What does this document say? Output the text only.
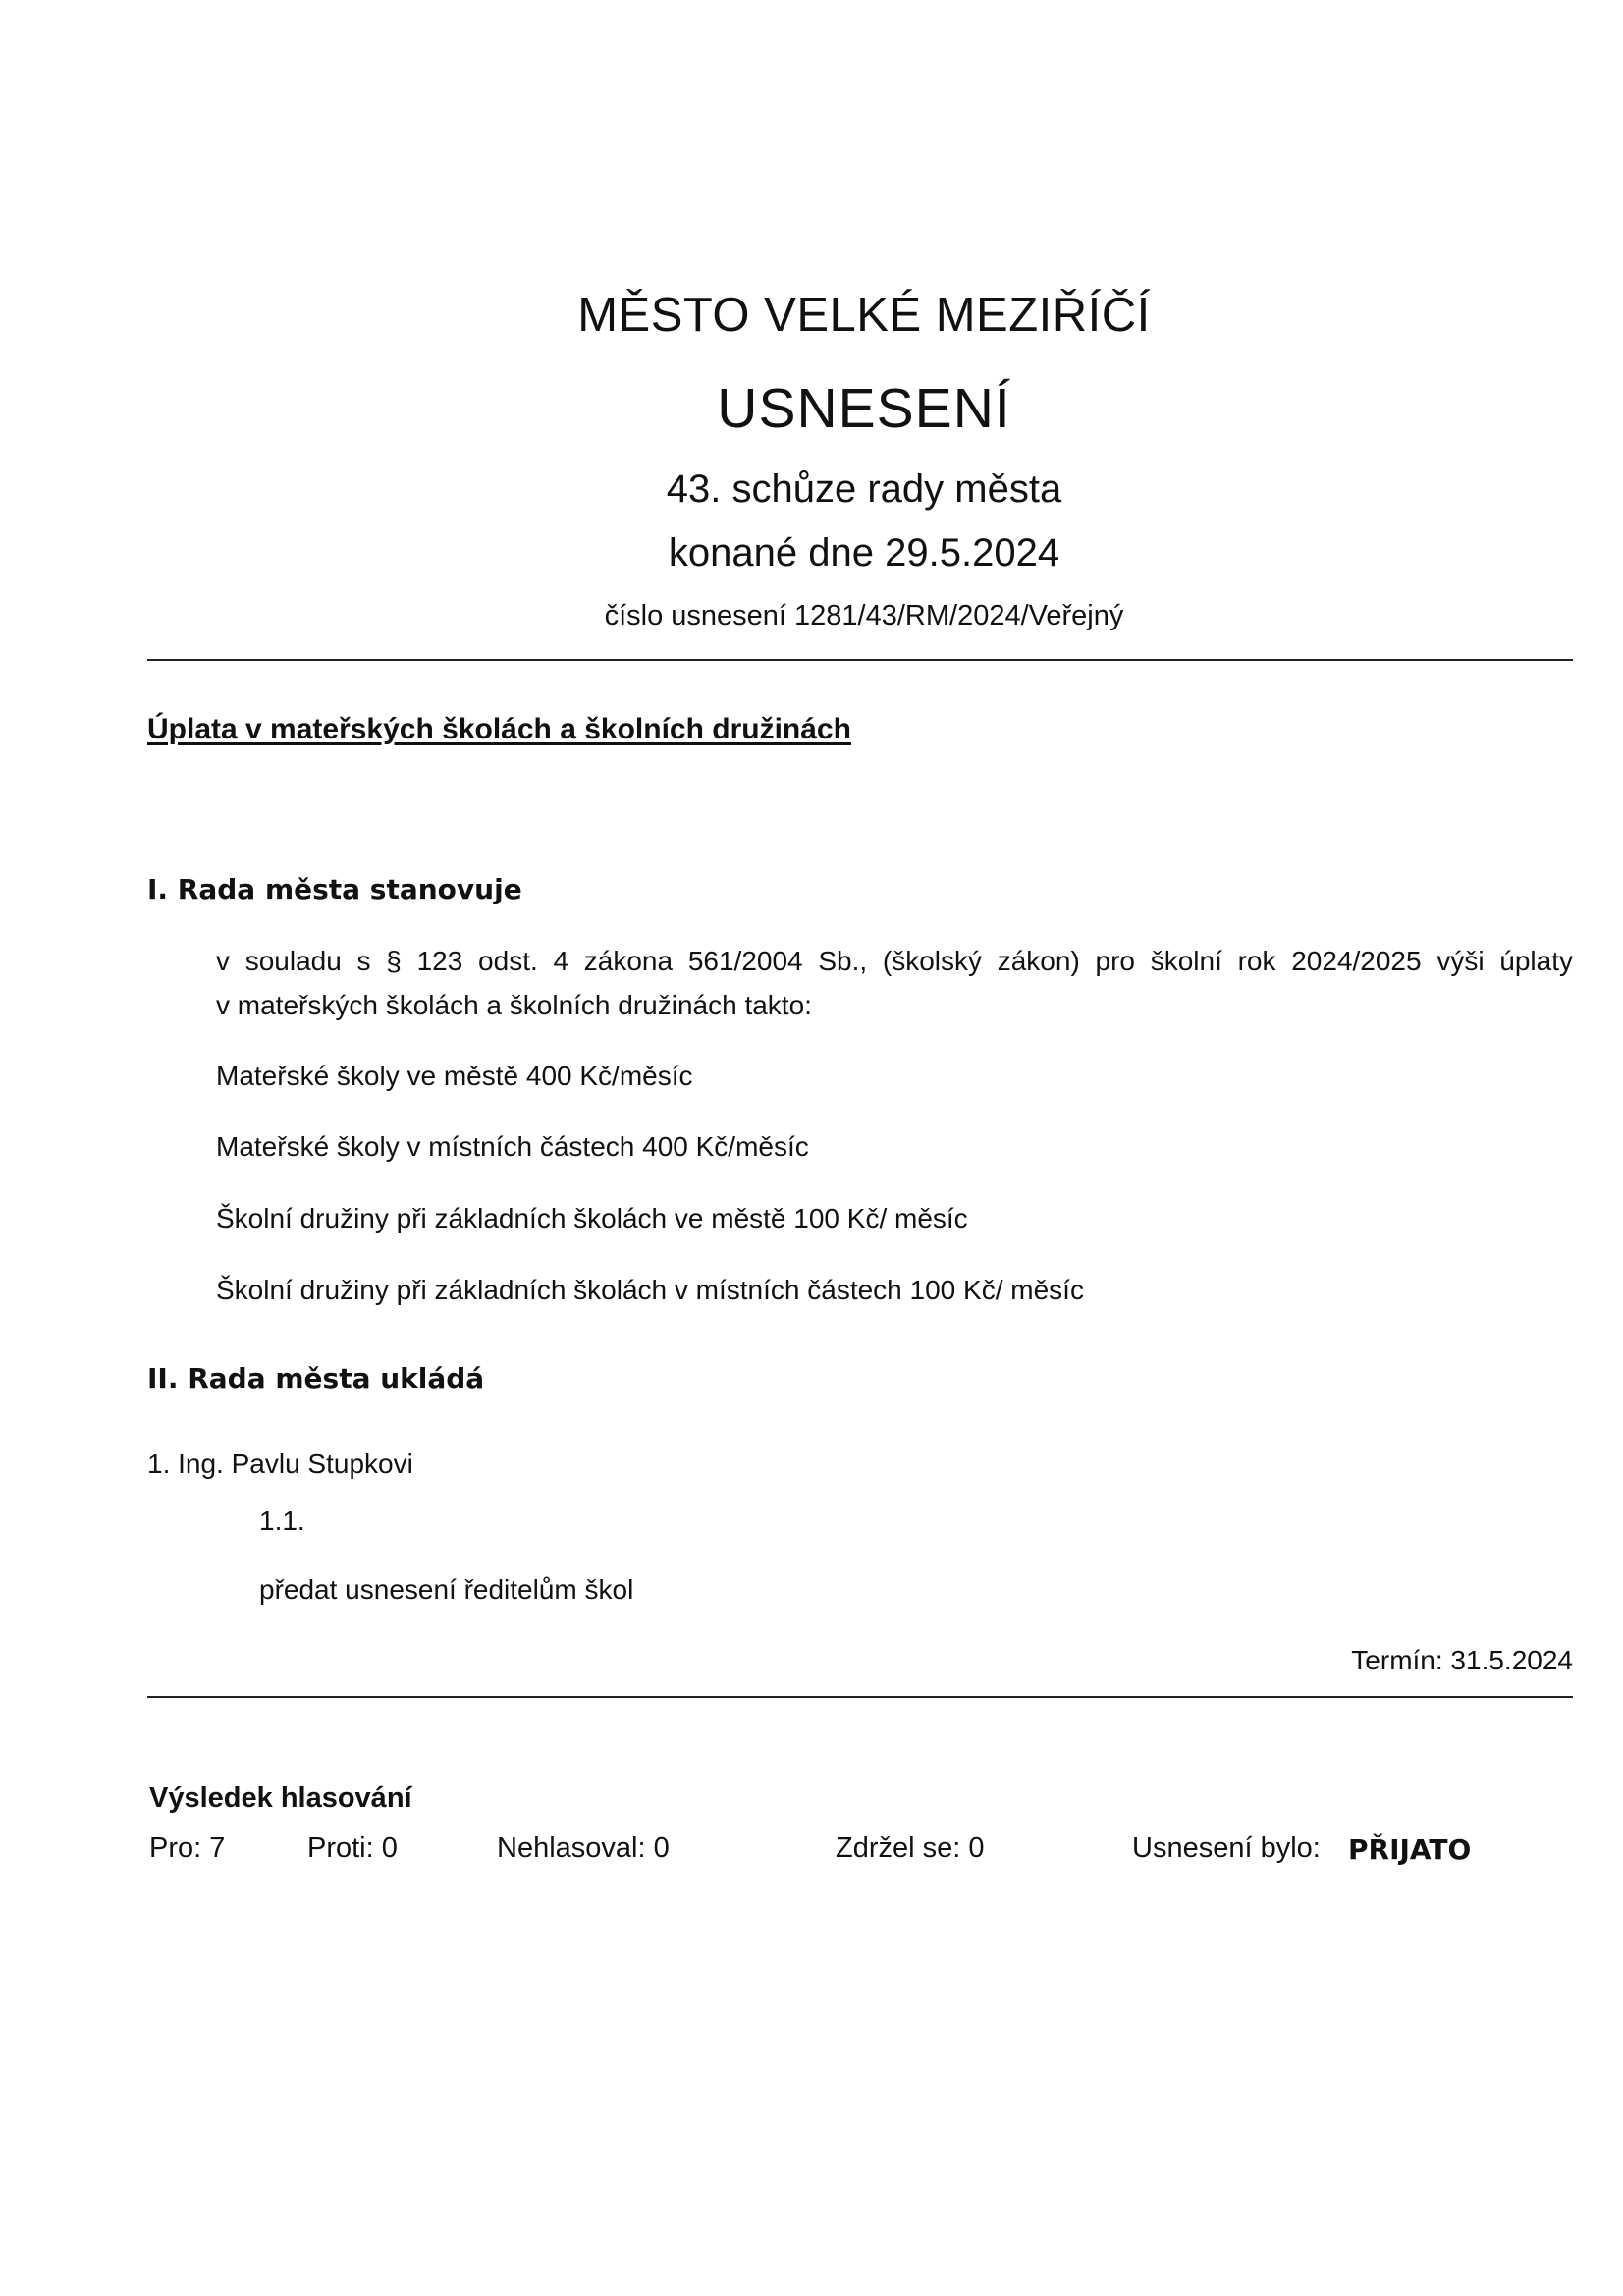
MĚSTO VELKÉ MEZIŘÍČÍ
USNESENÍ
43. schůze rady města
konané dne 29.5.2024
číslo usnesení 1281/43/RM/2024/Veřejný
Úplata v mateřských školách a školních družinách
I. Rada města stanovuje
v souladu s § 123 odst. 4 zákona 561/2004 Sb., (školský zákon) pro školní rok 2024/2025 výši úplaty
v mateřských školách a školních družinách takto:
Mateřské školy ve městě 400 Kč/měsíc
Mateřské školy v místních částech 400 Kč/měsíc
Školní družiny při základních školách ve městě 100 Kč/ měsíc
Školní družiny při základních školách v místních částech 100 Kč/ měsíc
II. Rada města ukládá
1. Ing. Pavlu Stupkovi
1.1.
předat usnesení ředitelům škol
Termín: 31.5.2024
Výsledek hlasování
Pro: 7	Proti: 0	Nehlasoval: 0	Zdržel se: 0	Usnesení bylo: PŘIJATO
